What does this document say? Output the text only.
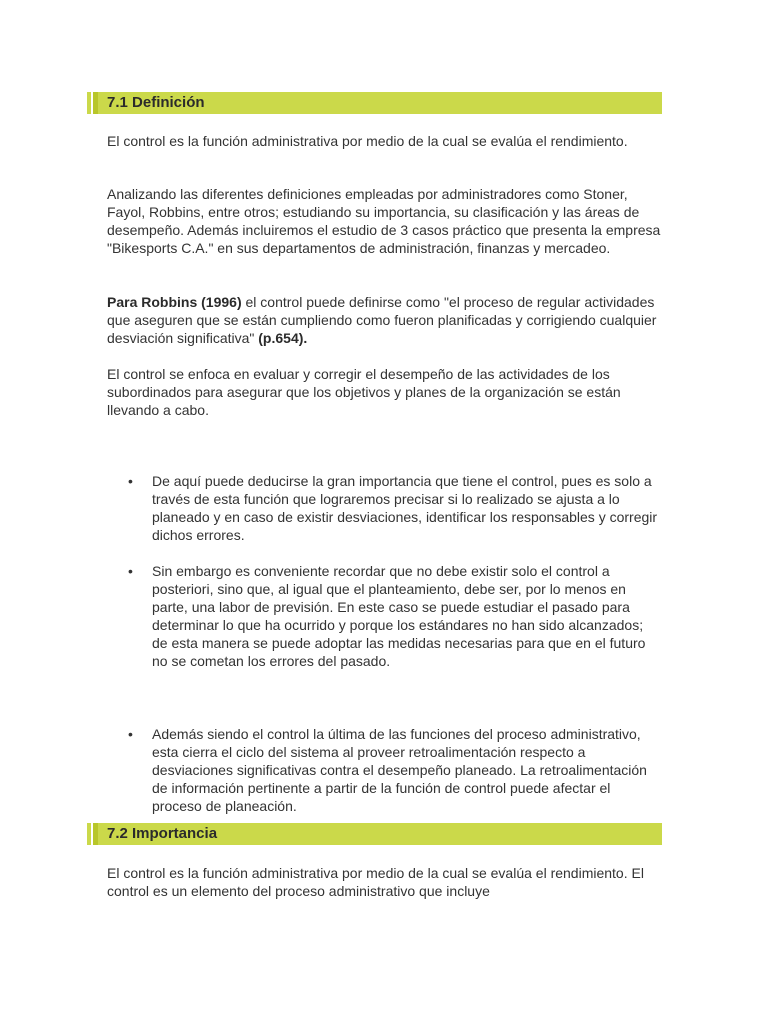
7.1 Definición

El control es la función administrativa por medio de la cual se evalúa el rendimiento.

Analizando las diferentes definiciones empleadas por administradores como Stoner, Fayol, Robbins, entre otros; estudiando su importancia, su clasificación y las áreas de desempeño. Además incluiremos el estudio de 3 casos práctico que presenta la empresa "Bikesports C.A." en sus departamentos de administración, finanzas y mercadeo.

Para Robbins (1996) el control puede definirse como "el proceso de regular actividades que aseguren que se están cumpliendo como fueron planificadas y corrigiendo cualquier desviación significativa" (p.654).

El control se enfoca en evaluar y corregir el desempeño de las actividades de los subordinados para asegurar que los objetivos y planes de la organización se están llevando a cabo.

• De aquí puede deducirse la gran importancia que tiene el control, pues es solo a través de esta función que lograremos precisar si lo realizado se ajusta a lo planeado y en caso de existir desviaciones, identificar los responsables y corregir dichos errores.
• Sin embargo es conveniente recordar que no debe existir solo el control a posteriori, sino que, al igual que el planteamiento, debe ser, por lo menos en parte, una labor de previsión. En este caso se puede estudiar el pasado para determinar lo que ha ocurrido y porque los estándares no han sido alcanzados; de esta manera se puede adoptar las medidas necesarias para que en el futuro no se cometan los errores del pasado.
• Además siendo el control la última de las funciones del proceso administrativo, esta cierra el ciclo del sistema al proveer retroalimentación respecto a desviaciones significativas contra el desempeño planeado. La retroalimentación de información pertinente a partir de la función de control puede afectar el proceso de planeación.
7.2 Importancia

El control es la función administrativa por medio de la cual se evalúa el rendimiento. El control es un elemento del proceso administrativo que incluye
